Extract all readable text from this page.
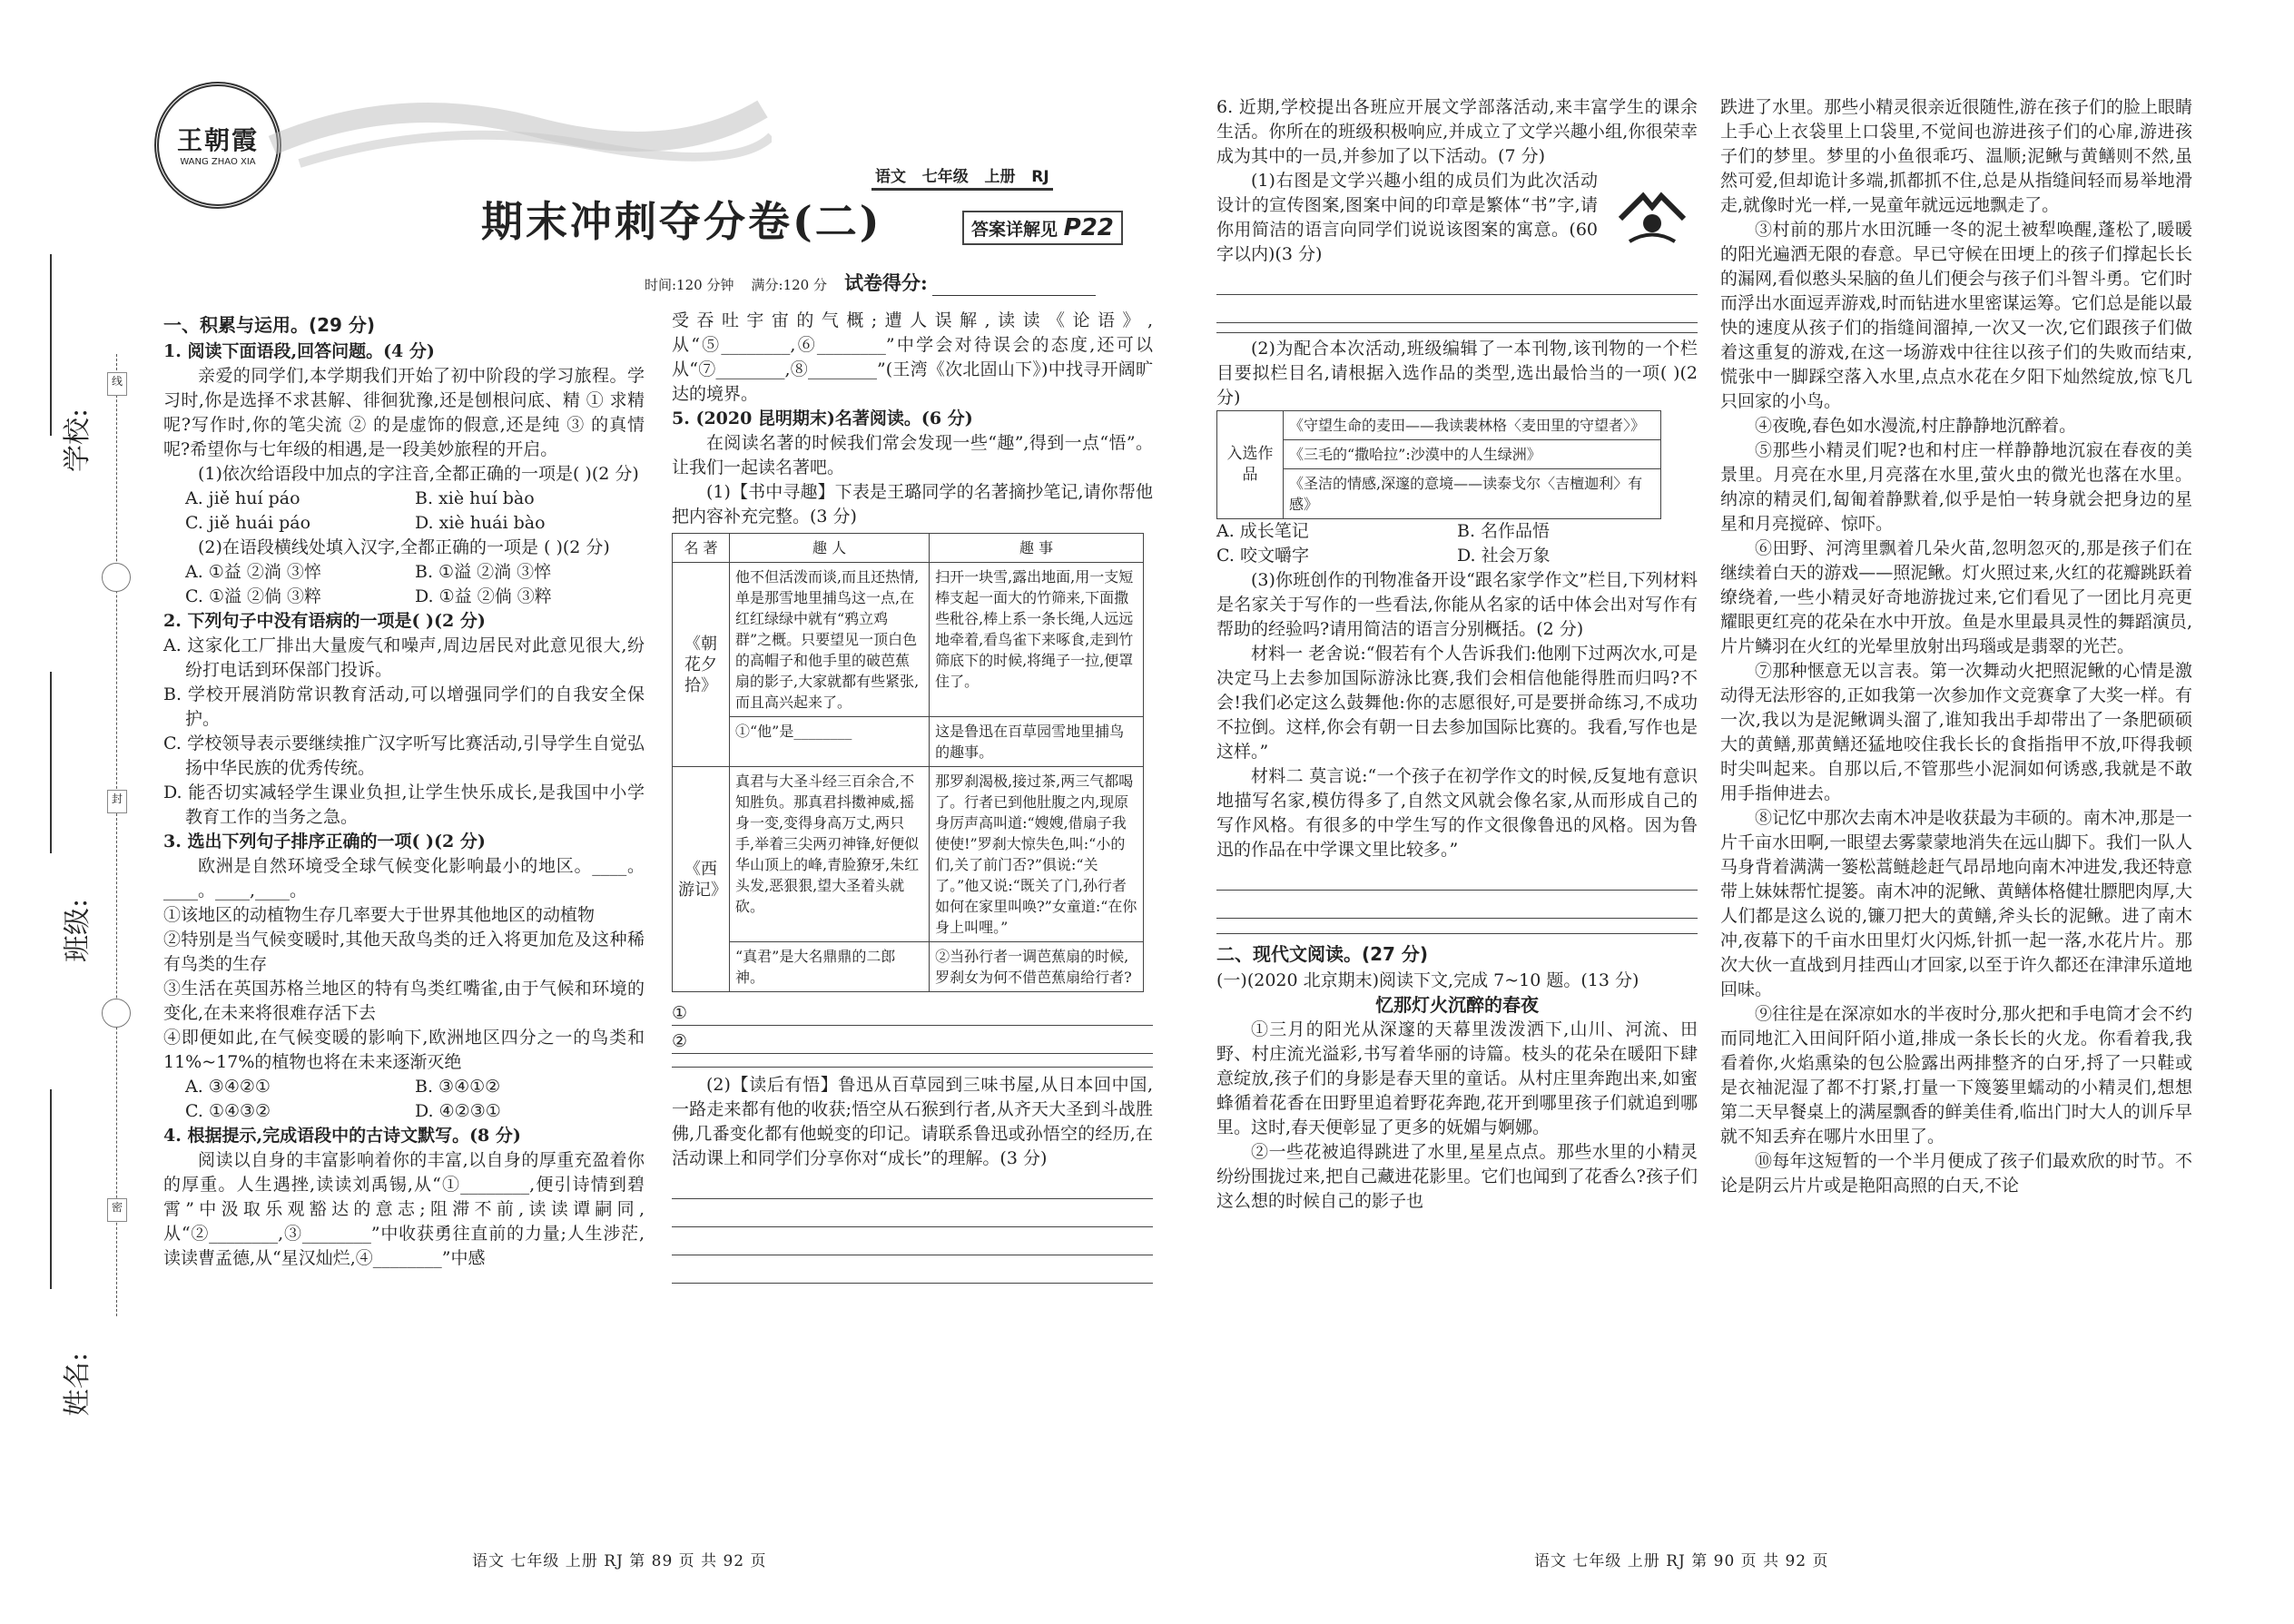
线
封
密
学校:
班级:
姓名:
王朝霞
WANG ZHAO XIA
语文 七年级 上册 RJ
期末冲刺夺分卷(二)	答案详解见 P22
时间:120 分钟 满分:120 分 试卷得分:
一、积累与运用。(29 分)

1. 阅读下面语段,回答问题。(4 分)

亲爱的同学们,本学期我们开始了初中阶段的学习旅程。学习时,你是选择不求甚解、徘徊犹豫,还是刨根问底、精 ① 求精呢?写作时,你的笔尖流 ② 的是虚饰的假意,还是纯 ③ 的真情呢?希望你与七年级的相遇,是一段美妙旅程的开启。

(1)依次给语段中加点的字注音,全都正确的一项是( )(2 分)

A. jiě huí páo	B. xiè huí bào

C. jiě huái páo	D. xiè huái bào

(2)在语段横线处填入汉字,全都正确的一项是 ( )(2 分)

A. ①益 ②淌 ③悴	B. ①溢 ②淌 ③悴

C. ①溢 ②倘 ③粹	D. ①益 ②倘 ③粹

2. 下列句子中没有语病的一项是( )(2 分)

A. 这家化工厂排出大量废气和噪声,周边居民对此意见很大,纷纷打电话到环保部门投诉。

B. 学校开展消防常识教育活动,可以增强同学们的自我安全保护。

C. 学校领导表示要继续推广汉字听写比赛活动,引导学生自觉弘扬中华民族的优秀传统。

D. 能否切实减轻学生课业负担,让学生快乐成长,是我国中小学教育工作的当务之急。

3. 选出下列句子排序正确的一项( )(2 分)

欧洲是自然环境受全球气候变化影响最小的地区。____。____。____,____。

①该地区的动植物生存几率要大于世界其他地区的动植物

②特别是当气候变暖时,其他天敌鸟类的迁入将更加危及这种稀有鸟类的生存

③生活在英国苏格兰地区的特有鸟类红嘴雀,由于气候和环境的变化,在未来将很难存活下去

④即便如此,在气候变暖的影响下,欧洲地区四分之一的鸟类和 11%~17%的植物也将在未来逐渐灭绝

A. ③④②①	B. ③④①②

C. ①④③②	D. ④②③①

4. 根据提示,完成语段中的古诗文默写。(8 分)

阅读以自身的丰富影响着你的丰富,以自身的厚重充盈着你的厚重。人生遇挫,读读刘禹锡,从“①________,便引诗情到碧霄”中汲取乐观豁达的意志;阻滞不前,读读谭嗣同,从“②________,③________”中收获勇往直前的力量;人生涉茫,读读曹孟德,从“星汉灿烂,④________”中感

受吞吐宇宙的气概;遭人误解,读读《论语》,从“⑤________,⑥________”中学会对待误会的态度,还可以从“⑦________,⑧________”(王湾《次北固山下》)中找寻开阔旷达的境界。

5. (2020 昆明期末)名著阅读。(6 分)

在阅读名著的时候我们常会发现一些“趣”,得到一点“悟”。让我们一起读名著吧。

(1)【书中寻趣】下表是王璐同学的名著摘抄笔记,请你帮他把内容补充完整。(3 分)

名 著	趣 人	趣 事
《朝花夕拾》	他不但活泼而谈,而且还热情,单是那雪地里捕鸟这一点,在红红绿绿中就有“鸦立鸡群”之概。只要望见一顶白色的高帽子和他手里的破芭蕉扇的影子,大家就都有些紧张,而且高兴起来了。	扫开一块雪,露出地面,用一支短棒支起一面大的竹筛来,下面撒些秕谷,棒上系一条长绳,人远远地牵着,看鸟雀下来啄食,走到竹筛底下的时候,将绳子一拉,便罩住了。
	①“他”是________	这是鲁迅在百草园雪地里捕鸟的趣事。
《西游记》	真君与大圣斗经三百余合,不知胜负。那真君抖擞神威,摇身一变,变得身高万丈,两只手,举着三尖两刃神锋,好便似华山顶上的峰,青脸獠牙,朱红头发,恶狠狠,望大圣着头就砍。	那罗刹渴极,接过茶,两三气都喝了。行者已到他肚腹之内,现原身厉声高叫道:“嫂嫂,借扇子我使使!”罗刹大惊失色,叫:“小的们,关了前门否?”俱说:“关了。”他又说:“既关了门,孙行者如何在家里叫唤?”女童道:“在你身上叫哩。”
	“真君”是大名鼎鼎的二郎神。	②当孙行者一调芭蕉扇的时候,罗刹女为何不借芭蕉扇给行者?
①
②

(2)【读后有悟】鲁迅从百草园到三味书屋,从日本回中国,一路走来都有他的收获;悟空从石猴到行者,从齐天大圣到斗战胜佛,几番变化都有他蜕变的印记。请联系鲁迅或孙悟空的经历,在活动课上和同学们分享你对“成长”的理解。(3 分)

6. 近期,学校提出各班应开展文学部落活动,来丰富学生的课余生活。你所在的班级积极响应,并成立了文学兴趣小组,你很荣幸成为其中的一员,并参加了以下活动。(7 分)

(1)右图是文学兴趣小组的成员们为此次活动设计的宣传图案,图案中间的印章是繁体“书”字,请你用简洁的语言向同学们说说该图案的寓意。(60 字以内)(3 分)

(2)为配合本次活动,班级编辑了一本刊物,该刊物的一个栏目要拟栏目名,请根据入选作品的类型,选出最恰当的一项( )(2 分)

入选作品	《守望生命的麦田——我读裴林格〈麦田里的守望者〉》
《三毛的“撒哈拉”:沙漠中的人生绿洲》
《圣洁的情感,深邃的意境——读泰戈尔〈吉檀迦利〉有感》

A. 成长笔记	B. 名作品悟

C. 咬文嚼字	D. 社会万象

(3)你班创作的刊物准备开设“跟名家学作文”栏目,下列材料是名家关于写作的一些看法,你能从名家的话中体会出对写作有帮助的经验吗?请用简洁的语言分别概括。(2 分)

材料一 老舍说:“假若有个人告诉我们:他刚下过两次水,可是决定马上去参加国际游泳比赛,我们会相信他能得胜而归吗?不会!我们必定这么鼓舞他:你的志愿很好,可是要拼命练习,不成功不拉倒。这样,你会有朝一日去参加国际比赛的。我看,写作也是这样。”

材料二 莫言说:“一个孩子在初学作文的时候,反复地有意识地描写名家,模仿得多了,自然文风就会像名家,从而形成自己的写作风格。有很多的中学生写的作文很像鲁迅的风格。因为鲁迅的作品在中学课文里比较多。”

二、现代文阅读。(27 分)

(一)(2020 北京期末)阅读下文,完成 7~10 题。(13 分)

忆那灯火沉醉的春夜

①三月的阳光从深邃的天幕里泼泼洒下,山川、河流、田野、村庄流光溢彩,书写着华丽的诗篇。枝头的花朵在暖阳下肆意绽放,孩子们的身影是春天里的童话。从村庄里奔跑出来,如蜜蜂循着花香在田野里追着野花奔跑,花开到哪里孩子们就追到哪里。这时,春天便彰显了更多的妩媚与婀娜。

②一些花被追得跳进了水里,星星点点。那些水里的小精灵纷纷围拢过来,把自己藏进花影里。它们也闻到了花香么?孩子们这么想的时候自己的影子也

跌进了水里。那些小精灵很亲近很随性,游在孩子们的脸上眼睛上手心上衣袋里上口袋里,不觉间也游进孩子们的心扉,游进孩子们的梦里。梦里的小鱼很乖巧、温顺;泥鳅与黄鳝则不然,虽然可爱,但却诡计多端,抓都抓不住,总是从指缝间轻而易举地滑走,就像时光一样,一晃童年就远远地飘走了。

③村前的那片水田沉睡一冬的泥土被犁唤醒,蓬松了,暖暖的阳光遍洒无限的春意。早已守候在田埂上的孩子们撑起长长的漏网,看似憨头呆脑的鱼儿们便会与孩子们斗智斗勇。它们时而浮出水面逗弄游戏,时而钻进水里密谋运筹。它们总是能以最快的速度从孩子们的指缝间溜掉,一次又一次,它们跟孩子们做着这重复的游戏,在这一场游戏中往往以孩子们的失败而结束,慌张中一脚踩空落入水里,点点水花在夕阳下灿然绽放,惊飞几只回家的小鸟。

④夜晚,春色如水漫流,村庄静静地沉醉着。

⑤那些小精灵们呢?也和村庄一样静静地沉寂在春夜的美景里。月亮在水里,月亮落在水里,萤火虫的微光也落在水里。纳凉的精灵们,匐匍着静默着,似乎是怕一转身就会把身边的星星和月亮搅碎、惊吓。

⑥田野、河湾里飘着几朵火苗,忽明忽灭的,那是孩子们在继续着白天的游戏——照泥鳅。灯火照过来,火红的花瓣跳跃着缭绕着,一些小精灵好奇地游拢过来,它们看见了一团比月亮更耀眼更红亮的花朵在水中开放。鱼是水里最具灵性的舞蹈演员,片片鳞羽在火红的光晕里放射出玛瑙或是翡翠的光芒。

⑦那种惬意无以言表。第一次舞动火把照泥鳅的心情是激动得无法形容的,正如我第一次参加作文竞赛拿了大奖一样。有一次,我以为是泥鳅调头溜了,谁知我出手却带出了一条肥硕硕大的黄鳝,那黄鳝还猛地咬住我长长的食指指甲不放,吓得我顿时尖叫起来。自那以后,不管那些小泥洞如何诱惑,我就是不敢用手指伸进去。

⑧记忆中那次去南木冲是收获最为丰硕的。南木冲,那是一片千亩水田啊,一眼望去雾蒙蒙地消失在远山脚下。我们一队人马身背着满满一篓松蒿鲢趁赶气昂昂地向南木冲进发,我还特意带上妹妹帮忙提篓。南木冲的泥鳅、黄鳝体格健壮膘肥肉厚,大人们都是这么说的,镰刀把大的黄鳝,斧头长的泥鳅。进了南木冲,夜幕下的千亩水田里灯火闪烁,针抓一起一落,水花片片。那次大伙一直战到月挂西山才回家,以至于许久都还在津津乐道地回味。

⑨往往是在深凉如水的半夜时分,那火把和手电筒才会不约而同地汇入田间阡陌小道,排成一条长长的火龙。你看着我,我看着你,火焰熏染的包公脸露出两排整齐的白牙,捋了一只鞋或是衣袖泥湿了都不打紧,打量一下篾篓里蠕动的小精灵们,想想第二天早餐桌上的满屋飘香的鲜美佳肴,临出门时大人的训斥早就不知丢弃在哪片水田里了。

⑩每年这短暂的一个半月便成了孩子们最欢欣的时节。不论是阴云片片或是艳阳高照的白天,不论

语文 七年级 上册 RJ 第 89 页 共 92 页	语文 七年级 上册 RJ 第 90 页 共 92 页
